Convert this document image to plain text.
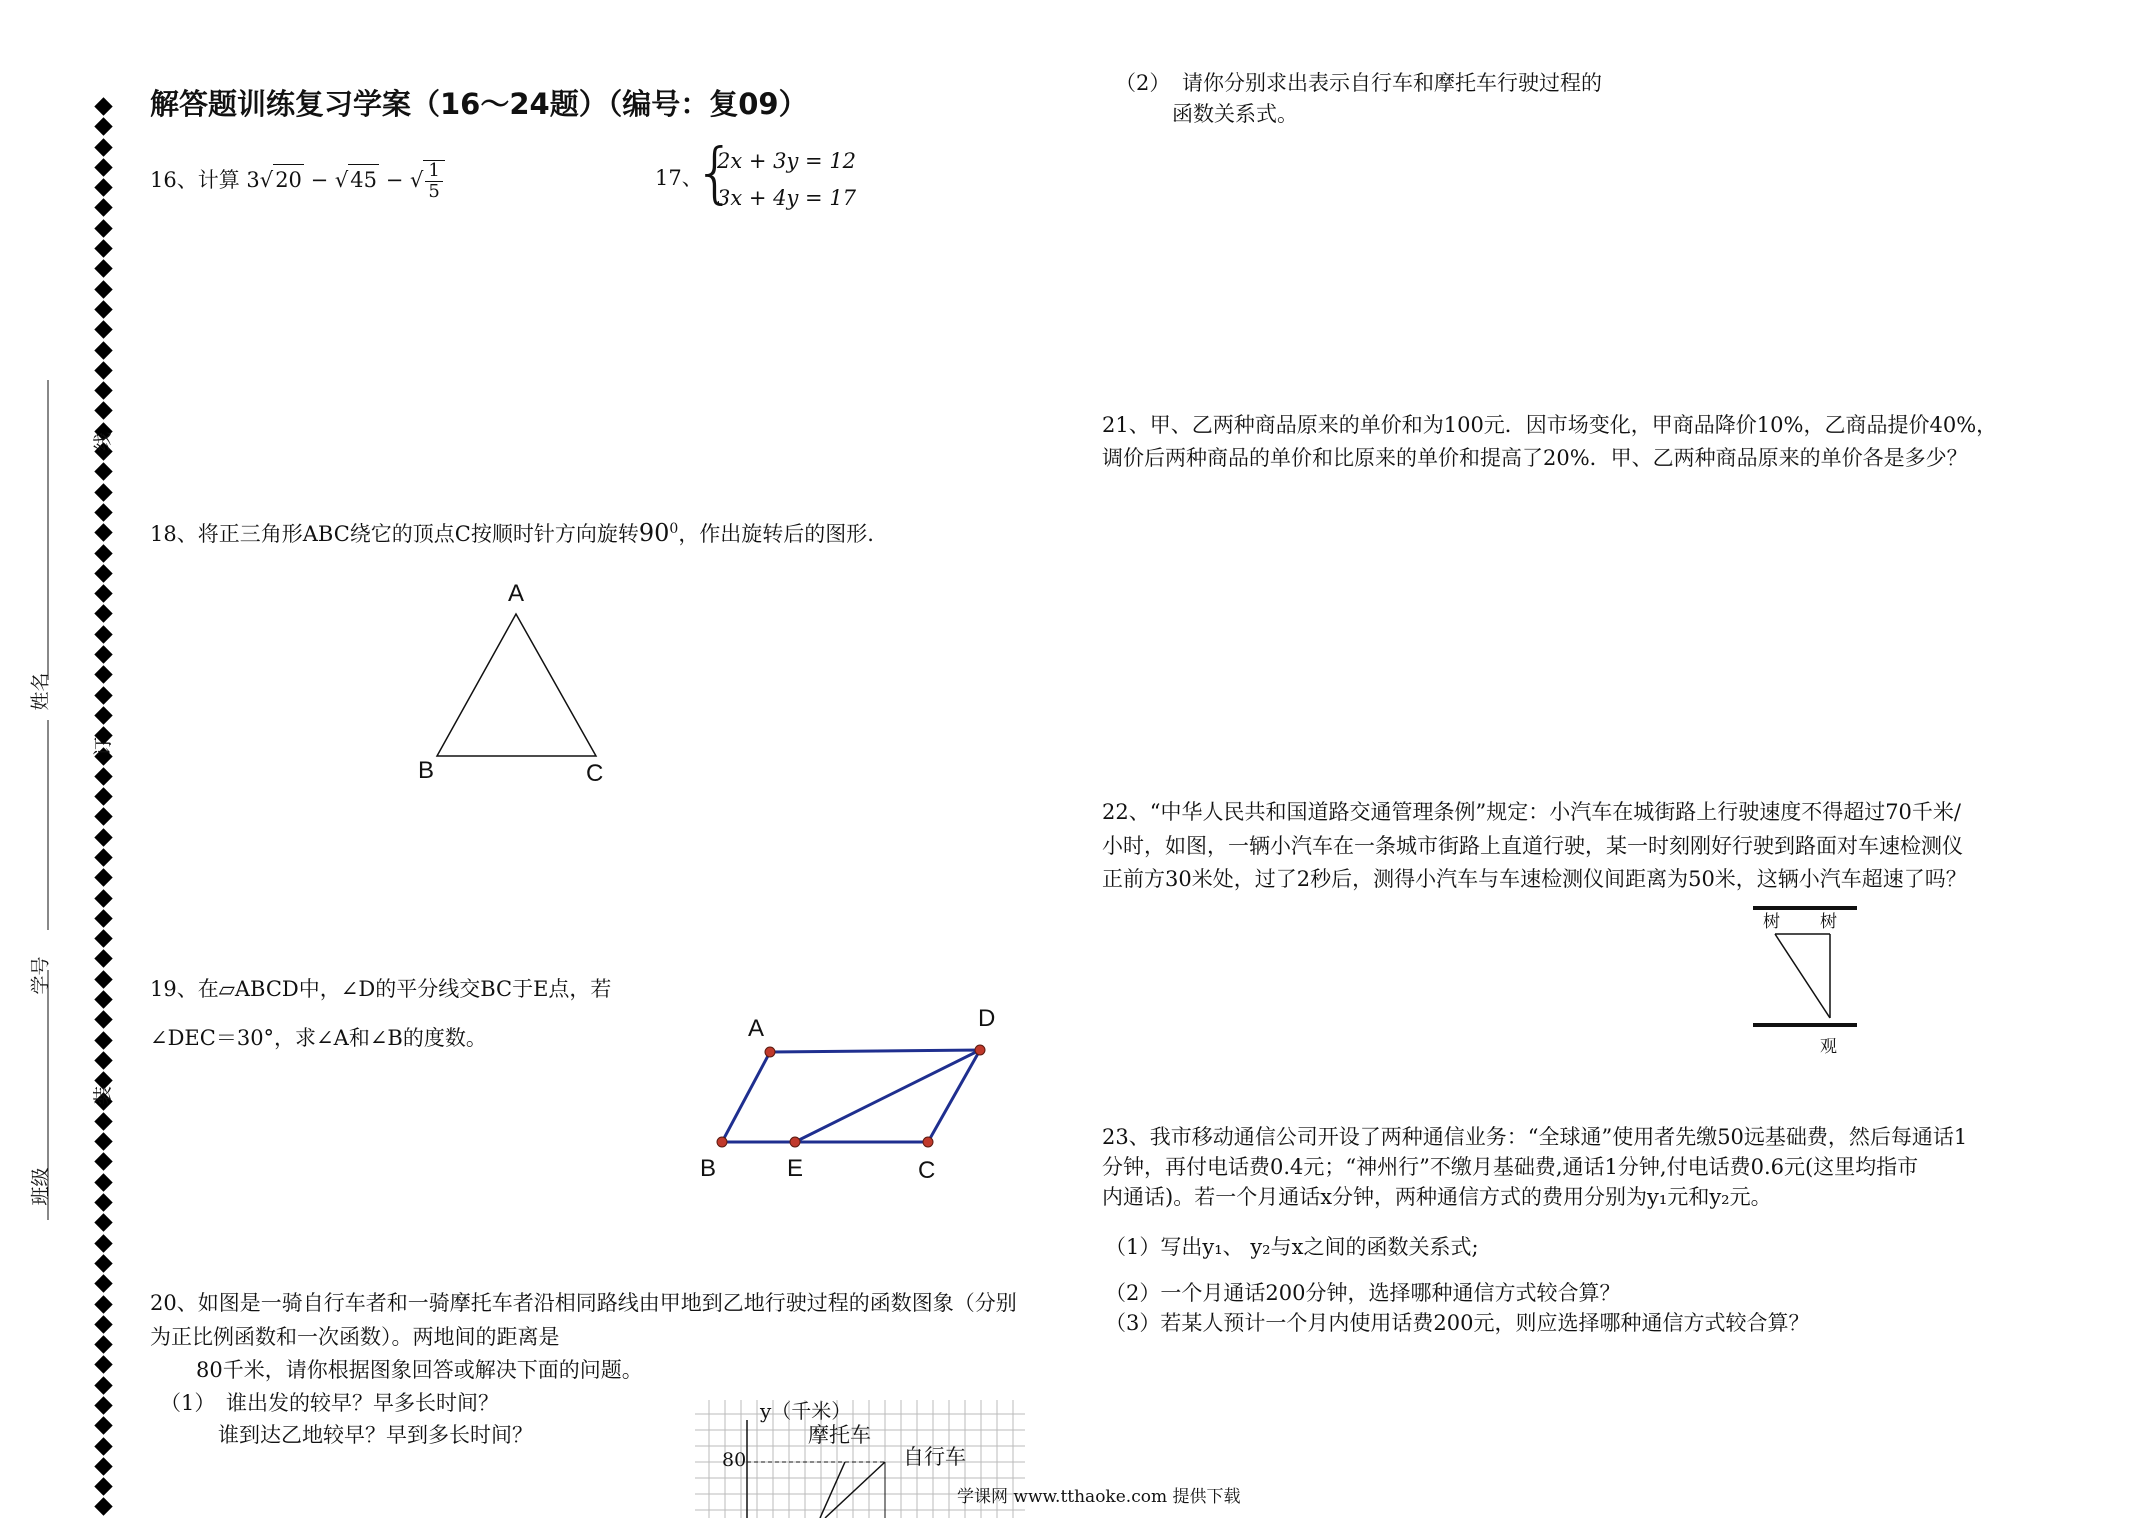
线
订
装
姓名
学号
班级
解答题训练复习学案（16～24题）（编号：复09）
16、计算 3√20 − √45 − √ $\frac{1}{5}$	17、
{
2x + 3y = 12
3x + 4y = 17
18、将正三角形ABC绕它的顶点C按顺时针方向旋转$90^0$，作出旋转后的图形.
A
B	C
19、在▱ABCD中，∠D的平分线交BC于E点，若
∠DEC＝30°，求∠A和∠B的度数。	A	D
B	E	C
20、如图是一骑自行车者和一骑摩托车者沿相同路线由甲地到乙地行驶过程的函数图象（分别
为正比例函数和一次函数）。两地间的距离是
80千米，请你根据图象回答或解决下面的问题。
（1） 谁出发的较早？早多长时间？
谁到达乙地较早？早到多长时间？
y（千米）
80
摩托车
自行车
（2） 请你分别求出表示自行车和摩托车行驶过程的
函数关系式。
21、甲、乙两种商品原来的单价和为100元．因市场变化，甲商品降价10%，乙商品提价40%，
调价后两种商品的单价和比原来的单价和提高了20%．甲、乙两种商品原来的单价各是多少？
22、“中华人民共和国道路交通管理条例”规定：小汽车在城街路上行驶速度不得超过70千米/
小时，如图，一辆小汽车在一条城市街路上直道行驶，某一时刻刚好行驶到路面对车速检测仪
正前方30米处，过了2秒后，测得小汽车与车速检测仪间距离为50米，这辆小汽车超速了吗？
树 树
观
23、我市移动通信公司开设了两种通信业务：“全球通”使用者先缴50远基础费，然后每通话1
分钟，再付电话费0.4元；“神州行”不缴月基础费,通话1分钟,付电话费0.6元(这里均指市
内通话)。若一个月通话x分钟，两种通信方式的费用分别为y₁元和y₂元。
（1）写出y₁、 y₂与x之间的函数关系式;
（2）一个月通话200分钟，选择哪种通信方式较合算？
（3）若某人预计一个月内使用话费200元，则应选择哪种通信方式较合算？
学课网 www.tthaoke.com 提供下载
